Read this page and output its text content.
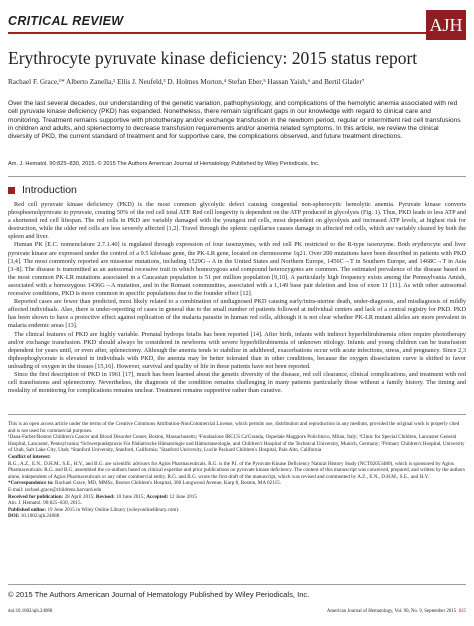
CRITICAL REVIEW	AJH
Erythrocyte pyruvate kinase deficiency: 2015 status report
Rachael F. Grace,¹* Alberto Zanella,² Ellis J. Neufeld,³ D. Holmes Morton,⁴ Stefan Eber,⁵ Hassan Yaish,⁶ and Bertil Glader⁷
Over the last several decades, our understanding of the genetic variation, pathophysiology, and complications of the hemolytic anemia associated with red cell pyruvate kinase deficiency (PKD) has expanded. Nonetheless, there remain significant gaps in our knowledge with regard to clinical care and monitoring. Treatment remains supportive with phototherapy and/or exchange transfusion in the newborn period, regular or intermittent red cell transfusions in children and adults, and splenectomy to decrease transfusion requirements and/or anemia related symptoms. In this article, we review the clinical diversity of PKD, the current standard of treatment and for supportive care, the complications observed, and future treatment directions.
Am. J. Hematol. 90:825–830, 2015. © 2015 The Authors American Journal of Hematology Published by Wiley Periodicals, Inc.
Introduction

Red cell pyruvate kinase deficiency (PKD) is the most common glycolytic defect causing congenital non-spherocytic hemolytic anemia. Pyruvate kinase converts phosphoenolpyruvate to pyruvate, creating 50% of the red cell total ATP. Red cell longevity is dependent on the ATP produced in glycolysis (Fig. 1). Thus, PKD leads to less ATP and a shortened red cell lifespan. The red cells in PKD are variably damaged with the youngest red cells, most dependent on glycolysis and increased ATP levels, at highest risk for destruction, while the older red cells are less severely affected [1,2]. Travel through the splenic capillaries causes damage to affected red cells, which are variably cleared by both the spleen and liver.

Human PK [E.C. nomenclature 2.7.1.40] is regulated through expression of four isoenzymes, with red cell PK restricted to the R-type isoenzyme. Both erythrocyte and liver pyruvate kinase are expressed under the control of a 9.5 kilobase gene, the PK-LR gene, located on chromosome 1q21. Over 200 mutations have been described in patients with PKD [3,4]. The most commonly reported are missense mutations, including 1529G→A in the United States and Northern Europe, 1456C→T in Southern Europe, and 1468C→T in Asia [3–8]. The disease is transmitted as an autosomal recessive trait in which homozygous and compound heterozygotes are common. The estimated prevalence of the disease based on the most common PK-LR mutations associated in a Caucasian population is 51 per million population [9,10]. A particularly high frequency exists among the Pennsylvania Amish, associated with a homozygous 1436G→A mutation, and in the Romani communities, associated with a 1,149 base pair deletion and loss of exon 11 [11]. As with other autosomal recessive conditions, PKD is more common in specific populations due to the founder effect [12].

Reported cases are fewer than predicted, most likely related to a combination of undiagnosed PKD causing early/intra-uterine death, under-diagnosis, and misdiagnosis of mildly affected individuals. Also, there is under-reporting of cases in general due to the small number of patients followed at individual centers and lack of a central registry for PKD. PKD has been shown to have a protective effect against replication of the malaria parasite in human red cells, although it is not clear whether PK-LR mutant alleles are more prevalent in malaria endemic areas [13].

The clinical features of PKD are highly variable. Prenatal hydrops fetalis has been reported [14]. After birth, infants with indirect hyperbilirubinemia often require phototherapy and/or exchange transfusion. PKD should always be considered in newborns with severe hyperbilirubinemia of unknown etiology. Infants and young children can be transfusion dependent for years until, or even after, splenectomy. Although the anemia tends to stabilize in adulthood, exacerbations occur with acute infections, stress, and pregnancy. Since 2,3 diphosphoglycerate is elevated in individuals with PKD, the anemia may be better tolerated than in other conditions, because the oxygen dissociation curve is shifted to favor unloading of oxygen in the tissues [15,16]. However, survival and quality of life in these patients have not been reported.

Since the first description of PKD in 1961 [17], much has been learned about the genetic diversity of the disease, red cell clearance, clinical complications, and treatment with red cell transfusions and splenectomy. Nevertheless, the diagnosis of the condition remains challenging in many patients particularly those without a family history. The timing and modality of monitoring for complications remains unclear. Treatment remains supportive rather than curative.

This is an open access article under the terms of the Creative Commons Attribution-NonCommercial License, which permits use, distribution and reproduction in any medium, provided the original work is properly cited and is not used for commercial purposes.

¹Dana-Farber/Boston Children's Cancer and Blood Disorder Center, Boston, Massachusetts; ²Fondazione IRCCS Ca'Granda, Ospedale Maggiore Policlinico, Milan, Italy; ³Clinic for Special Children, Lancaster General Hospital, Lancaster, Pennsylvania; ⁴Schwerpunktpraxis Für Pädiatrische Hämatologie und Hämostaseologie, and Children's Hospital of the Technical University, Munich, Germany; ⁵Primary Children's Hospital, University of Utah, Salt Lake City, Utah; ⁶Stanford University, Stanford, California; ⁷Stanford University, Lucile Packard Children's Hospital, Palo Alto, California

Conflict of interest:
R.G., A.Z., E.N., D.H.M., S.E., H.Y., and B.G. are scientific advisors for Agios Pharmaceuticals. R.G. is the P.I. of the Pyruvate Kinase Deficiency Natural History Study (NCT02053480), which is sponsored by Agios Pharmaceuticals. R.G. and B.G. assembled the co-authors based on clinical expertise and prior publications on pyruvate kinase deficiency. The content of this manuscript was conceived, prepared, and written by the authors alone, independent of Agios Pharmaceuticals or any other commercial entity. R.G. and B.G. wrote the first draft of the manuscript, which was revised and commented by A.Z., E.N., D.H.M., S.E., and H.Y.

*Correspondence to: Rachael Grace, MD, MMSc, Boston Children's Hospital, 300 Longwood Avenue, Karp 8, Boston, MA 02115.

E-mail: rachael.grace@childrens.harvard.edu

Received for publication: 28 April 2015; Revised: 10 June 2015; Accepted: 12 June 2015

Am. J. Hematol. 90:825–830, 2015.

Published online: 19 June 2015 in Wiley Online Library (wileyonlinelibrary.com).

DOI: 10.1002/ajh.24088

© 2015 The Authors American Journal of Hematology Published by Wiley Periodicals, Inc.
doi:10.1002/ajh.24088	American Journal of Hematology, Vol. 90, No. 9, September 2015 825
